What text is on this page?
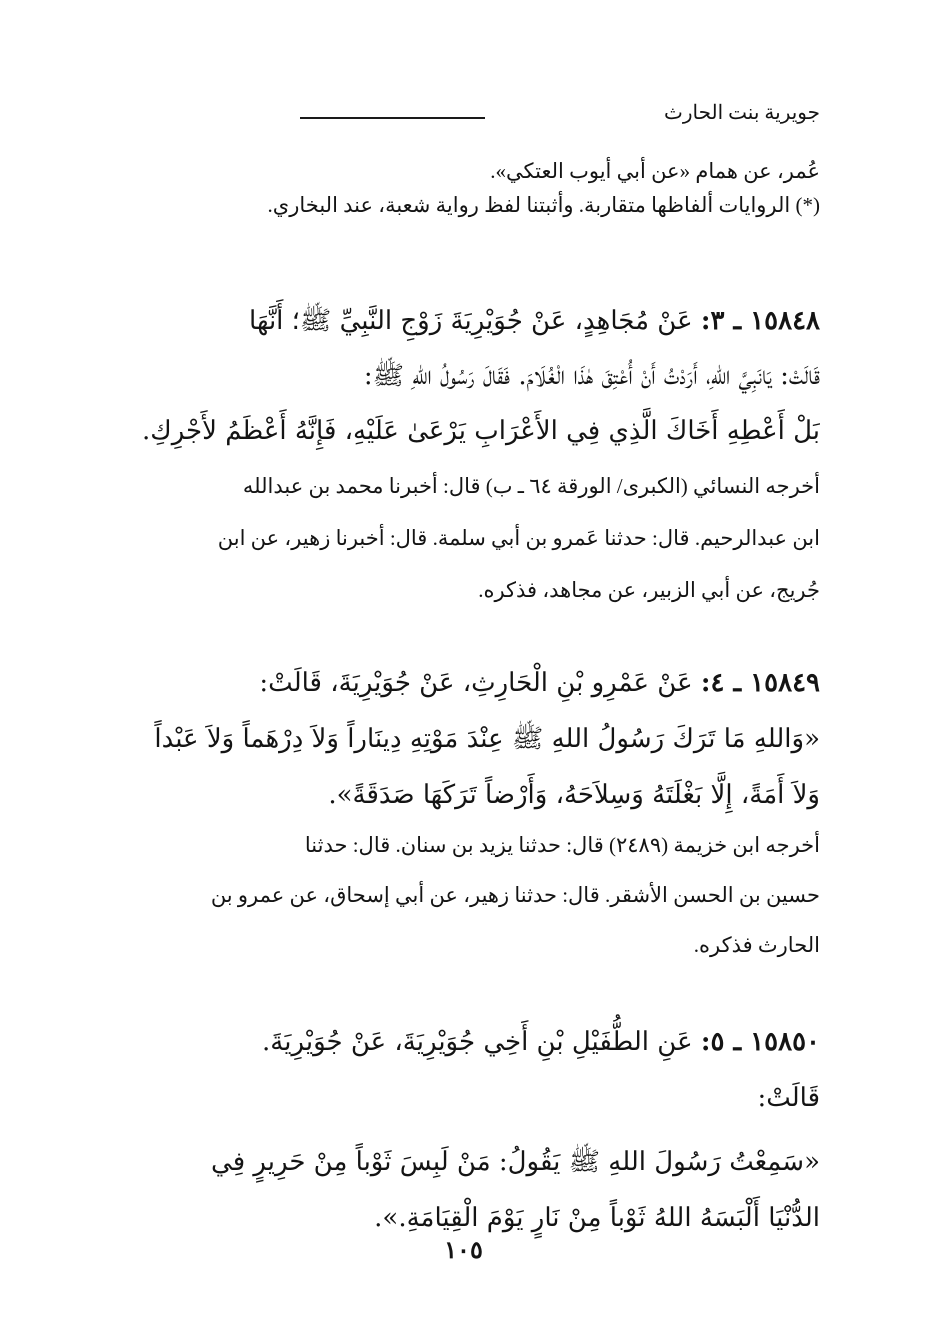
جويرية بنت الحارث
عُمر، عن همام «عن أبي أيوب العتكي».
(*) الروايات ألفاظها متقاربة. وأثبتنا لفظ رواية شعبة، عند البخاري.
١٥٨٤٨ ـ ٣: عَنْ مُجَاهِدٍ، عَنْ جُوَيْرِيَةَ زَوْجِ النَّبِيِّ ﷺ؛ أَنَّهَا
قَالَتْ: يَانَبِيَّ اللهِ، أَرَدْتُ أَنْ أُعْتِقَ هٰذَا الْغُلَامَ. فَقَالَ رَسُولُ اللهِ ﷺ:
بَلْ أَعْطِهِ أَخَاكَ الَّذِي فِي الأَعْرَابِ يَرْعَىٰ عَلَيْهِ، فَإِنَّهُ أَعْظَمُ لأَجْرِكِ.
أخرجه النسائي (الكبرى/ الورقة ٦٤ ـ ب) قال: أخبرنا محمد بن عبدالله
ابن عبدالرحيم. قال: حدثنا عَمرو بن أبي سلمة. قال: أخبرنا زهير، عن ابن
جُريج، عن أبي الزبير، عن مجاهد، فذكره.
١٥٨٤٩ ـ ٤: عَنْ عَمْرِو بْنِ الْحَارِثِ، عَنْ جُوَيْرِيَةَ، قَالَتْ:
«وَاللهِ مَا تَرَكَ رَسُولُ اللهِ ﷺ عِنْدَ مَوْتِهِ دِينَاراً وَلاَ دِرْهَماً وَلاَ عَبْداً
وَلاَ أَمَةً، إِلَّا بَغْلَتَهُ وَسِلاَحَهُ، وَأَرْضاً تَرَكَهَا صَدَقَةً».
أخرجه ابن خزيمة (٢٤٨٩) قال: حدثنا يزيد بن سنان. قال: حدثنا
حسين بن الحسن الأشقر. قال: حدثنا زهير، عن أبي إسحاق، عن عمرو بن
الحارث فذكره.
١٥٨٥٠ ـ ٥: عَنِ الطُّفَيْلِ بْنِ أَخِي جُوَيْرِيَةَ، عَنْ جُوَيْرِيَةَ.
قَالَتْ:
«سَمِعْتُ رَسُولَ اللهِ ﷺ يَقُولُ: مَنْ لَبِسَ ثَوْباً مِنْ حَرِيرٍ فِي
الدُّنْيَا أَلْبَسَهُ اللهُ ثَوْباً مِنْ نَارٍ يَوْمَ الْقِيَامَةِ.».
١٠٥
